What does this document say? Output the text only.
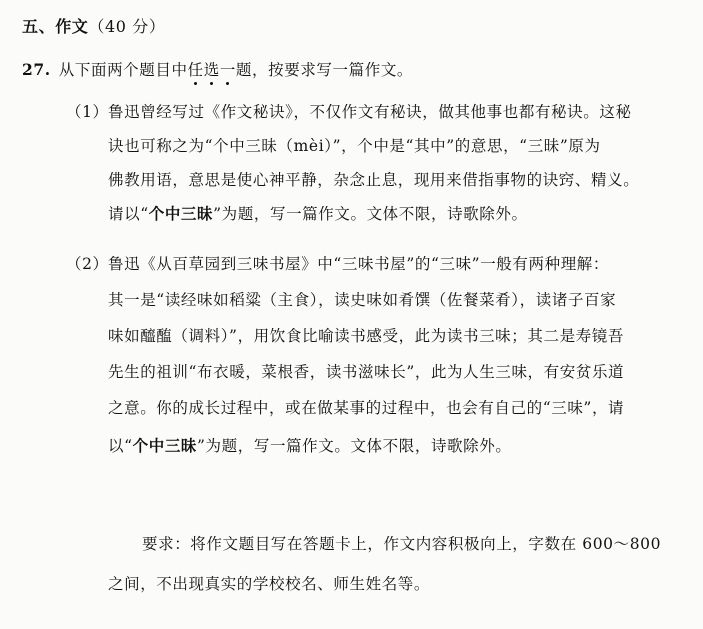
五、作文（40 分）
27. 从下面两个题目中任选一题，按要求写一篇作文。
（1）鲁迅曾经写过《作文秘诀》，不仅作文有秘诀，做其他事也都有秘诀。这秘
诀也可称之为“个中三昧（mèi）”，个中是“其中”的意思，“三昧”原为
佛教用语，意思是使心神平静，杂念止息，现用来借指事物的诀窍、精义。
请以“个中三昧”为题，写一篇作文。文体不限，诗歌除外。
（2）鲁迅《从百草园到三味书屋》中“三味书屋”的“三味”一般有两种理解：
其一是“读经味如稻粱（主食），读史味如肴馔（佐餐菜肴），读诸子百家
味如醯醢（调料）”，用饮食比喻读书感受，此为读书三味；其二是寿镜吾
先生的祖训“布衣暖，菜根香，读书滋味长”，此为人生三味，有安贫乐道
之意。你的成长过程中，或在做某事的过程中，也会有自己的“三味”，请
以“个中三昧”为题，写一篇作文。文体不限，诗歌除外。
要求：将作文题目写在答题卡上，作文内容积极向上，字数在 600～800
之间，不出现真实的学校校名、师生姓名等。
